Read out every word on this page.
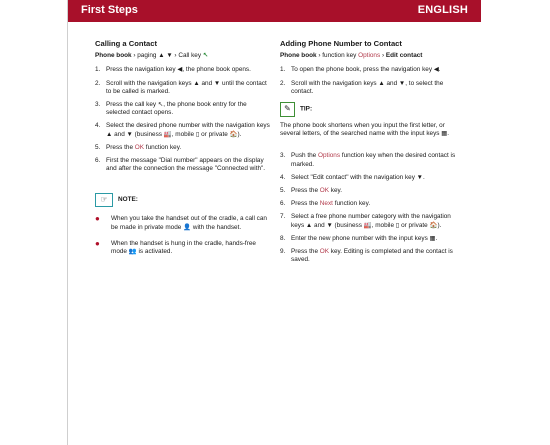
First Steps	ENGLISH
Calling a Contact
Phone book › paging ▲ ▼ › Call key ↖
1. Press the navigation key ◀, the phone book opens.
2. Scroll with the navigation keys ▲ and ▼ until the contact to be called is marked.
3. Press the call key ↖, the phone book entry for the selected contact opens.
4. Select the desired phone number with the navigation keys ▲ and ▼ (business 🏭, mobile ▯ or private 🏠).
5. Press the OK function key.
6. First the message "Dial number" appears on the display and after the connection the message "Connected with".
☞ NOTE:
●	When you take the handset out of the cradle, a call can be made in private mode 👤 with the handset.
●	When the handset is hung in the cradle, hands-free mode 👥 is activated.
Adding Phone Number to Contact
Phone book › function key Options › Edit contact
1. To open the phone book, press the navigation key ◀.
2. Scroll with the navigation keys ▲ and ▼, to select the contact.
✎ TIP:
The phone book shortens when you input the first letter, or several letters, of the searched name with the input keys ▦.
3. Push the Options function key when the desired contact is marked.
4. Select "Edit contact" with the navigation key ▼.
5. Press the OK key.
6. Press the Next function key.
7. Select a free phone number category with the navigation keys ▲ and ▼ (business 🏭, mobile ▯ or private 🏠).
8. Enter the new phone number with the input keys ▦.
9. Press the OK key. Editing is completed and the contact is saved.
